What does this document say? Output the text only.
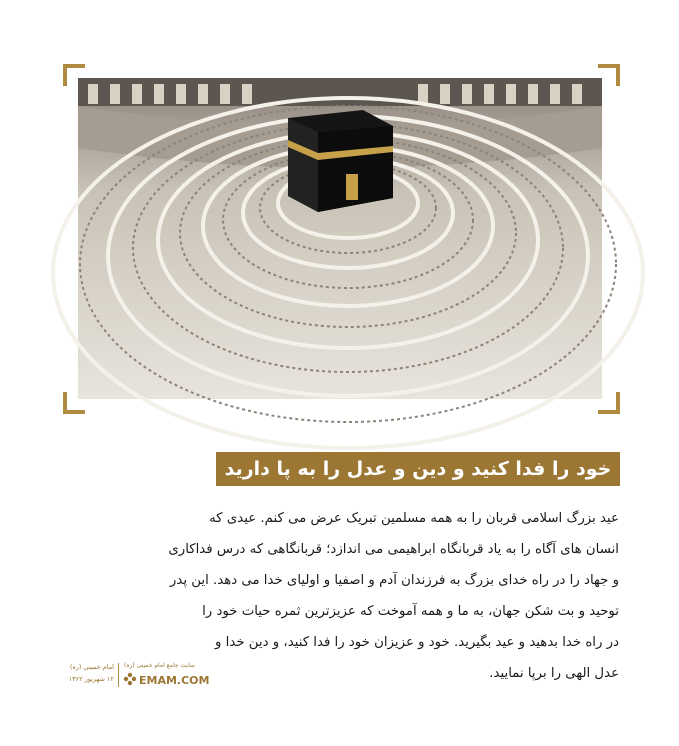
خود را فدا کنید و دین و عدل را به پا دارید
عید بزرگ اسلامی قربان را به همه مسلمین تبریک عرض می کنم. عیدی که
انسان های آگاه را به یاد قربانگاه ابراهیمی می اندازد؛ قربانگاهی که درس فداکاری
و جهاد را در راه خدای بزرگ به فرزندان آدم و اصفیا و اولیای خدا می دهد. این پدر
توحید و بت شکن جهان، به ما و همه آموخت که عزیزترین ثمره حیات خود را
در راه خدا بدهید و عید بگیرید. خود و عزیزان خود را فدا کنید، و دین خدا و
عدل الهی را برپا نمایید.
امام خمینی (ره)
۱۲ شهریور ۱۳۶۲
سایت جامع امام خمینی (ره)
EMAM.COM
